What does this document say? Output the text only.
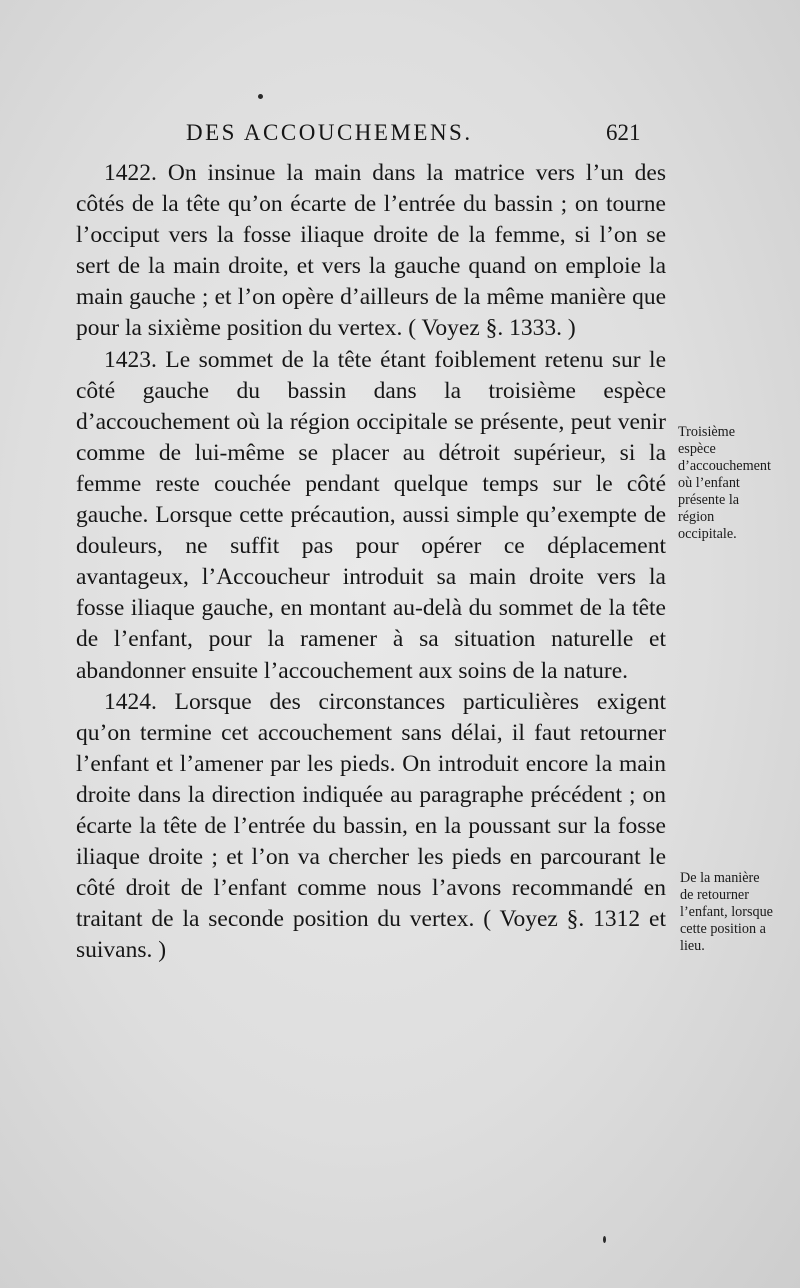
DES ACCOUCHEMENS.	621

1422. On insinue la main dans la matrice vers l’un des côtés de la tête qu’on écarte de l’entrée du bassin ; on tourne l’occiput vers la fosse iliaque droite de la femme, si l’on se sert de la main droite, et vers la gauche quand on emploie la main gauche ; et l’on opère d’ailleurs de la même manière que pour la sixième position du vertex. ( Voyez §. 1333. )

1423. Le sommet de la tête étant foiblement retenu sur le côté gauche du bassin dans la troisième espèce d’accouchement où la région occipitale se présente, peut venir comme de lui-même se placer au détroit supérieur, si la femme reste couchée pendant quelque temps sur le côté gauche. Lorsque cette précaution, aussi simple qu’exempte de douleurs, ne suffit pas pour opérer ce déplacement avantageux, l’Accoucheur introduit sa main droite vers la fosse iliaque gauche, en montant au-delà du sommet de la tête de l’enfant, pour la ramener à sa situation naturelle et abandonner ensuite l’accouchement aux soins de la nature.

1424. Lorsque des circonstances particulières exigent qu’on termine cet accouchement sans délai, il faut retourner l’enfant et l’amener par les pieds. On introduit encore la main droite dans la direction indiquée au paragraphe précédent ; on écarte la tête de l’entrée du bassin, en la poussant sur la fosse iliaque droite ; et l’on va chercher les pieds en parcourant le côté droit de l’enfant comme nous l’avons recommandé en traitant de la seconde position du vertex. ( Voyez §. 1312 et suivans. )

Troisième espèce d’accouchement où l’enfant présente la région occipitale.
De la manière de retourner l’enfant, lorsque cette position a lieu.
